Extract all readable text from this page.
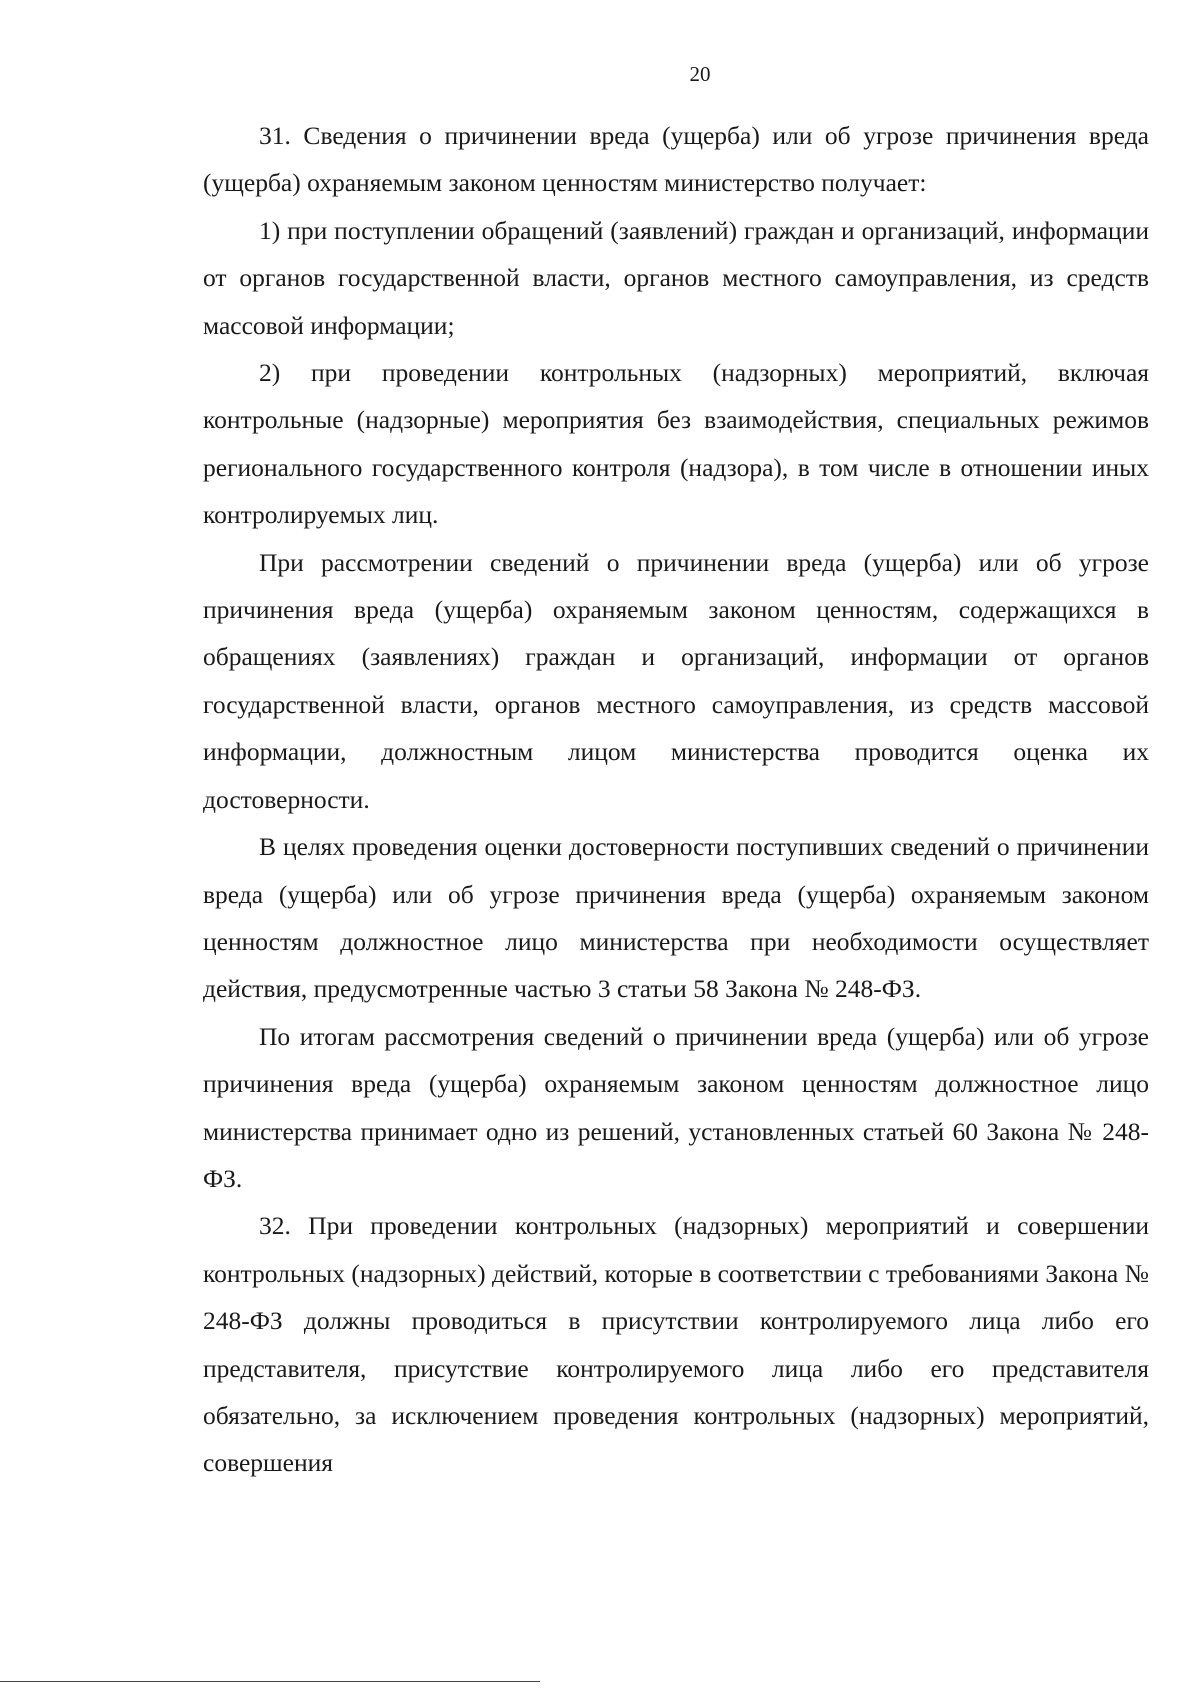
20

31. Сведения о причинении вреда (ущерба) или об угрозе причинения вреда (ущерба) охраняемым законом ценностям министерство получает:

1) при поступлении обращений (заявлений) граждан и организаций, информации от органов государственной власти, органов местного самоуправления, из средств массовой информации;

2) при проведении контрольных (надзорных) мероприятий, включая контрольные (надзорные) мероприятия без взаимодействия, специальных режимов регионального государственного контроля (надзора), в том числе в отношении иных контролируемых лиц.

При рассмотрении сведений о причинении вреда (ущерба) или об угрозе причинения вреда (ущерба) охраняемым законом ценностям, содержащихся в обращениях (заявлениях) граждан и организаций, информации от органов государственной власти, органов местного самоуправления, из средств массовой информации, должностным лицом министерства проводится оценка их достоверности.

В целях проведения оценки достоверности поступивших сведений о причинении вреда (ущерба) или об угрозе причинения вреда (ущерба) охраняемым законом ценностям должностное лицо министерства при необходимости осуществляет действия, предусмотренные частью 3 статьи 58 Закона № 248-ФЗ.

По итогам рассмотрения сведений о причинении вреда (ущерба) или об угрозе причинения вреда (ущерба) охраняемым законом ценностям должностное лицо министерства принимает одно из решений, установленных статьей 60 Закона № 248-ФЗ.

32. При проведении контрольных (надзорных) мероприятий и совершении контрольных (надзорных) действий, которые в соответствии с требованиями Закона № 248-ФЗ должны проводиться в присутствии контролируемого лица либо его представителя, присутствие контролируемого лица либо его представителя обязательно, за исключением проведения контрольных (надзорных) мероприятий, совершения
